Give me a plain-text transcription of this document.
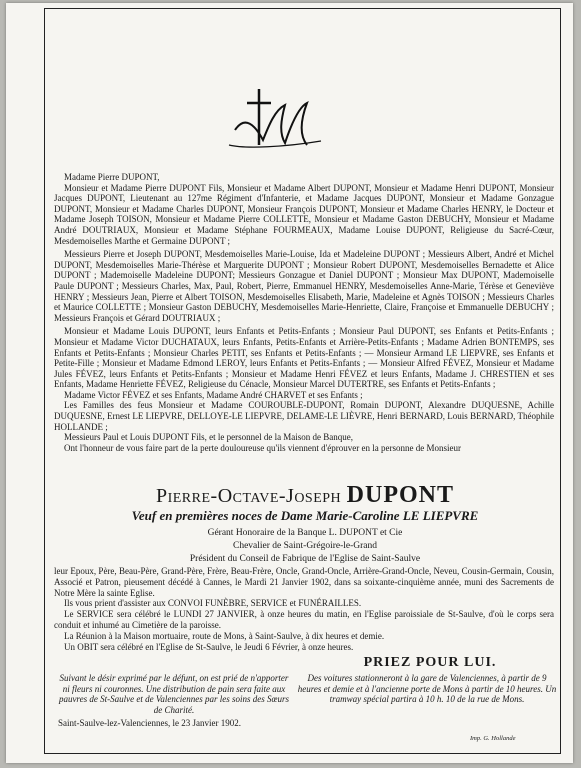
Madame Pierre DUPONT,

Monsieur et Madame Pierre DUPONT Fils, Monsieur et Madame Albert DUPONT, Monsieur et Madame Henri DUPONT, Monsieur Jacques DUPONT, Lieutenant au 127me Régiment d'Infanterie, et Madame Jacques DUPONT, Monsieur et Madame Gonzague DUPONT, Monsieur et Madame Charles DUPONT, Monsieur François DUPONT, Monsieur et Madame Charles HENRY, le Docteur et Madame Joseph TOISON, Monsieur et Madame Pierre COLLETTE, Monsieur et Madame Gaston DEBUCHY, Monsieur et Madame André DOUTRIAUX, Monsieur et Madame Stéphane FOURMEAUX, Madame Louise DUPONT, Religieuse du Sacré-Cœur, Mesdemoiselles Marthe et Germaine DUPONT ;

Messieurs Pierre et Joseph DUPONT, Mesdemoiselles Marie-Louise, Ida et Madeleine DUPONT ; Messieurs Albert, André et Michel DUPONT, Mesdemoiselles Marie-Thérèse et Marguerite DUPONT ; Monsieur Robert DUPONT, Mesdemoiselles Bernadette et Alice DUPONT ; Mademoiselle Madeleine DUPONT; Messieurs Gonzague et Daniel DUPONT ; Monsieur Max DUPONT, Mademoiselle Paule DUPONT ; Messieurs Charles, Max, Paul, Robert, Pierre, Emmanuel HENRY, Mesdemoiselles Anne-Marie, Térèse et Geneviève HENRY ; Messieurs Jean, Pierre et Albert TOISON, Mesdemoiselles Elisabeth, Marie, Madeleine et Agnès TOISON ; Messieurs Charles et Maurice COLLETTE ; Monsieur Gaston DEBUCHY, Mesdemoiselles Marie-Henriette, Claire, Françoise et Emmanuelle DEBUCHY ; Messieurs François et Gérard DOUTRIAUX ;

Monsieur et Madame Louis DUPONT, leurs Enfants et Petits-Enfants ; Monsieur Paul DUPONT, ses Enfants et Petits-Enfants ; Monsieur et Madame Victor DUCHATAUX, leurs Enfants, Petits-Enfants et Arrière-Petits-Enfants ; Madame Adrien BONTEMPS, ses Enfants et Petits-Enfants ; Monsieur Charles PETIT, ses Enfants et Petits-Enfants ; — Monsieur Armand LE LIEPVRE, ses Enfants et Petite-Fille ; Monsieur et Madame Edmond LEROY, leurs Enfants et Petits-Enfants ; — Monsieur Alfred FÉVEZ, Monsieur et Madame Jules FÉVEZ, leurs Enfants et Petits-Enfants ; Monsieur et Madame Henri FÉVEZ et leurs Enfants, Madame J. CHRESTIEN et ses Enfants, Madame Henriette FÉVEZ, Religieuse du Cénacle, Monsieur Marcel DUTERTRE, ses Enfants et Petits-Enfants ;

Madame Victor FÉVEZ et ses Enfants, Madame André CHARVET et ses Enfants ;

Les Familles des feus Monsieur et Madame COUROUBLE-DUPONT, Romain DUPONT, Alexandre DUQUESNE, Achille DUQUESNE, Ernest LE LIEPVRE, DELLOYE-LE LIEPVRE, DELAME-LE LIÈVRE, Henri BERNARD, Louis BERNARD, Théophile HOLLANDE ;

Messieurs Paul et Louis DUPONT Fils, et le personnel de la Maison de Banque,

Ont l'honneur de vous faire part de la perte douloureuse qu'ils viennent d'éprouver en la personne de Monsieur

Pierre-Octave-Joseph DUPONT
Veuf en premières noces de Dame Marie-Caroline LE LIEPVRE
Gérant Honoraire de la Banque L. DUPONT et Cie
Chevalier de Saint-Grégoire-le-Grand
Président du Conseil de Fabrique de l'Eglise de Saint-Saulve

leur Epoux, Père, Beau-Père, Grand-Père, Frère, Beau-Frère, Oncle, Grand-Oncle, Arrière-Grand-Oncle, Neveu, Cousin-Germain, Cousin, Associé et Patron, pieusement décédé à Cannes, le Mardi 21 Janvier 1902, dans sa soixante-cinquième année, muni des Sacrements de Notre Mère la sainte Eglise.

Ils vous prient d'assister aux CONVOI FUNÈBRE, SERVICE et FUNÉRAILLES.

Le SERVICE sera célébré le LUNDI 27 JANVIER, à onze heures du matin, en l'Eglise paroissiale de St-Saulve, d'où le corps sera conduit et inhumé au Cimetière de la paroisse.

La Réunion à la Maison mortuaire, route de Mons, à Saint-Saulve, à dix heures et demie.

Un OBIT sera célébré en l'Eglise de St-Saulve, le Jeudi 6 Février, à onze heures.

PRIEZ POUR LUI.
Suivant le désir exprimé par le défunt, on est prié de n'apporter ni fleurs ni couronnes. Une distribution de pain sera faite aux pauvres de St-Saulve et de Valenciennes par les soins des Sœurs de Charité.
Des voitures stationneront à la gare de Valenciennes, à partir de 9 heures et demie et à l'ancienne porte de Mons à partir de 10 heures. Un tramway spécial partira à 10 h. 10 de la rue de Mons.
Saint-Saulve-lez-Valenciennes, le 23 Janvier 1902.
Imp. G. Hollande
